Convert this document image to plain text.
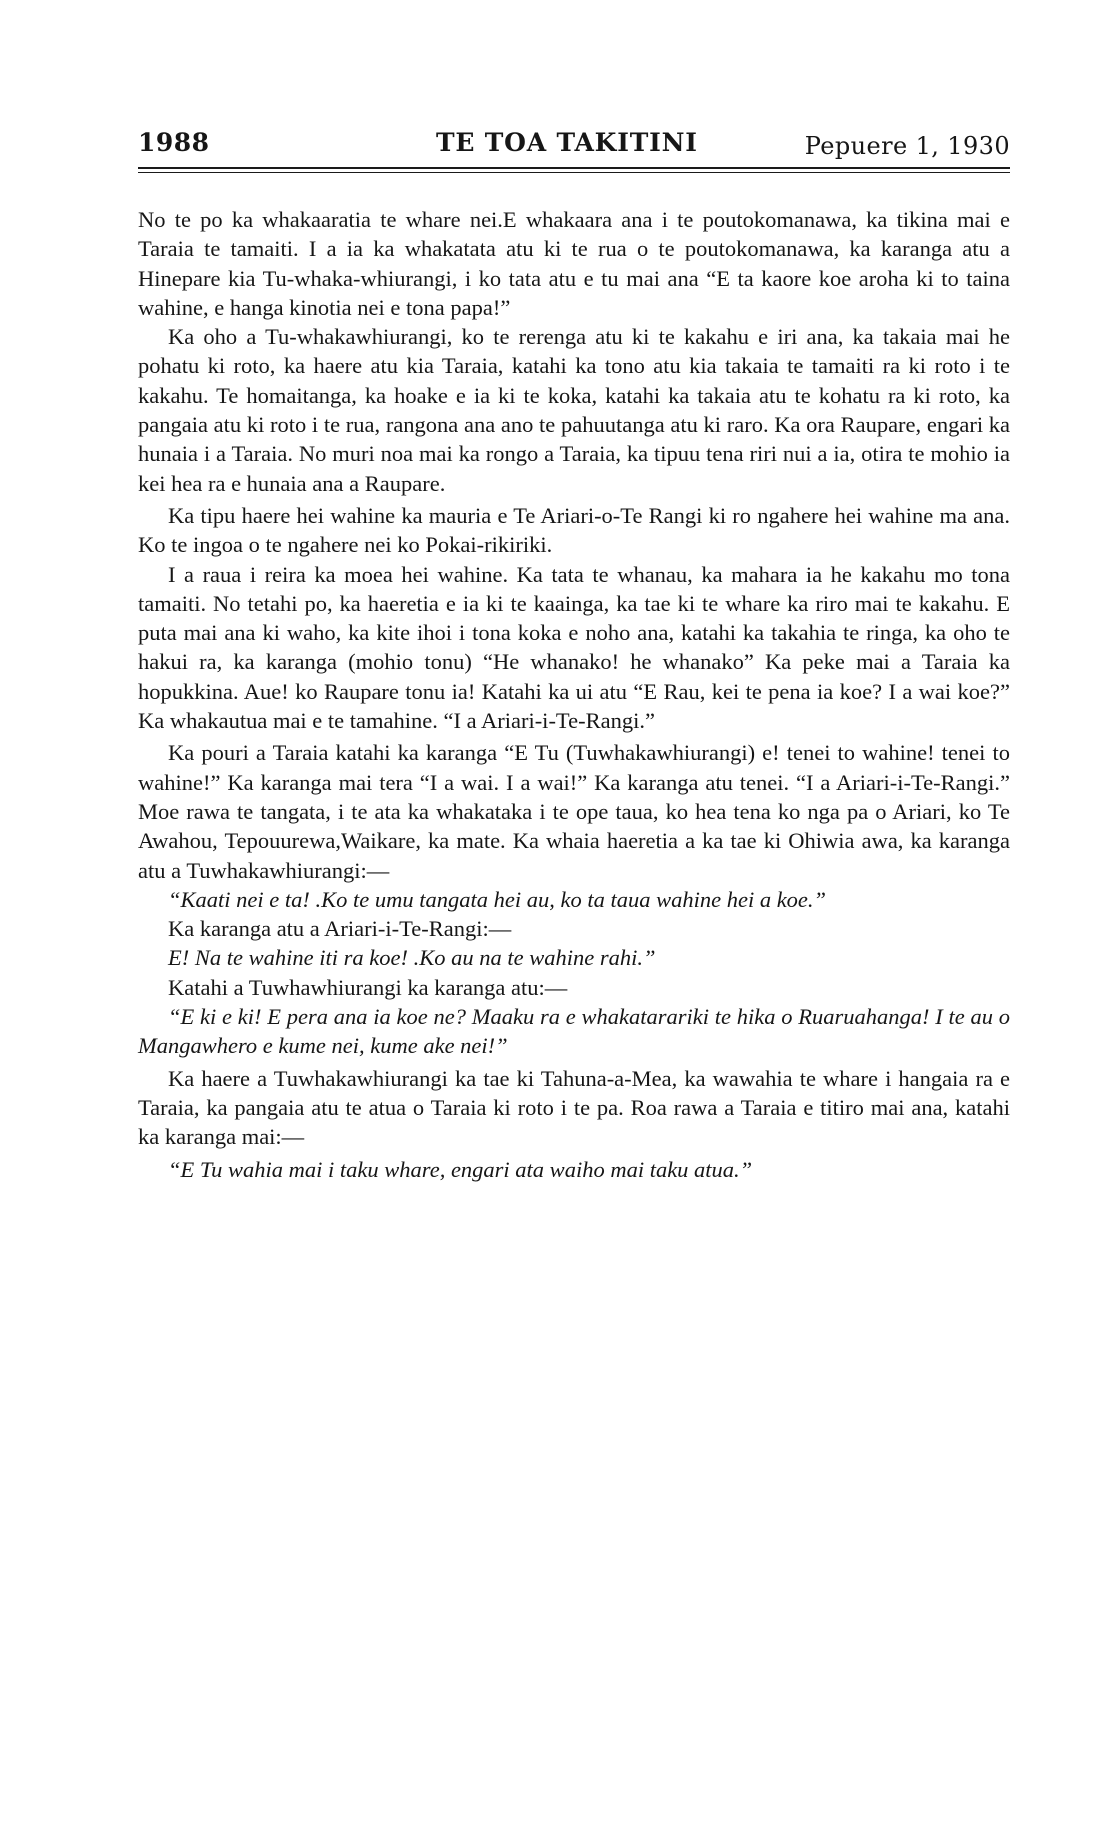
1988	TE TOA TAKITINI	Pepuere 1, 1930

No te po ka whakaaratia te whare nei.E whakaara ana i te poutokomanawa, ka tikina mai e Taraia te tamaiti. I a ia ka whakatata atu ki te rua o te poutokomanawa, ka karanga atu a Hinepare kia Tu-whaka-whiurangi, i ko tata atu e tu mai ana “E ta kaore koe aroha ki to taina wahine, e hanga kinotia nei e tona papa!”

Ka oho a Tu-whakawhiurangi, ko te rerenga atu ki te kakahu e iri ana, ka takaia mai he pohatu ki roto, ka haere atu kia Taraia, katahi ka tono atu kia takaia te tamaiti ra ki roto i te kakahu. Te homaitanga, ka hoake e ia ki te koka, katahi ka takaia atu te kohatu ra ki roto, ka pangaia atu ki roto i te rua, rangona ana ano te pahuutanga atu ki raro. Ka ora Raupare, engari ka hunaia i a Taraia. No muri noa mai ka rongo a Taraia, ka tipuu tena riri nui a ia, otira te mohio ia kei hea ra e hunaia ana a Raupare.

Ka tipu haere hei wahine ka mauria e Te Ariari-o-Te Rangi ki ro ngahere hei wahine ma ana. Ko te ingoa o te ngahere nei ko Pokai-rikiriki.

I a raua i reira ka moea hei wahine. Ka tata te whanau, ka mahara ia he kakahu mo tona tamaiti. No tetahi po, ka haeretia e ia ki te kaainga, ka tae ki te whare ka riro mai te kakahu. E puta mai ana ki waho, ka kite ihoi i tona koka e noho ana, katahi ka takahia te ringa, ka oho te hakui ra, ka karanga (mohio tonu) “He whanako! he whanako” Ka peke mai a Taraia ka hopukkina. Aue! ko Raupare tonu ia! Katahi ka ui atu “E Rau, kei te pena ia koe? I a wai koe?” Ka whakautua mai e te tamahine. “I a Ariari-i-Te-Rangi.”

Ka pouri a Taraia katahi ka karanga “E Tu (Tuwhakawhiurangi) e! tenei to wahine! tenei to wahine!” Ka karanga mai tera “I a wai. I a wai!” Ka karanga atu tenei. “I a Ariari-i-Te-Rangi.” Moe rawa te tangata, i te ata ka whakataka i te ope taua, ko hea tena ko nga pa o Ariari, ko Te Awahou, Tepouurewa,Waikare, ka mate. Ka whaia haeretia a ka tae ki Ohiwia awa, ka karanga atu a Tuwhakawhiurangi:—

“Kaati nei e ta! .Ko te umu tangata hei au, ko ta taua wahine hei a koe.”

Ka karanga atu a Ariari-i-Te-Rangi:—

E! Na te wahine iti ra koe! .Ko au na te wahine rahi.”

Katahi a Tuwhawhiurangi ka karanga atu:—

“E ki e ki! E pera ana ia koe ne? Maaku ra e whakatarariki te hika o Ruaruahanga! I te au o Mangawhero e kume nei, kume ake nei!”

Ka haere a Tuwhakawhiurangi ka tae ki Tahuna-a-Mea, ka wawahia te whare i hangaia ra e Taraia, ka pangaia atu te atua o Taraia ki roto i te pa. Roa rawa a Taraia e titiro mai ana, katahi ka karanga mai:—

“E Tu wahia mai i taku whare, engari ata waiho mai taku atua.”
